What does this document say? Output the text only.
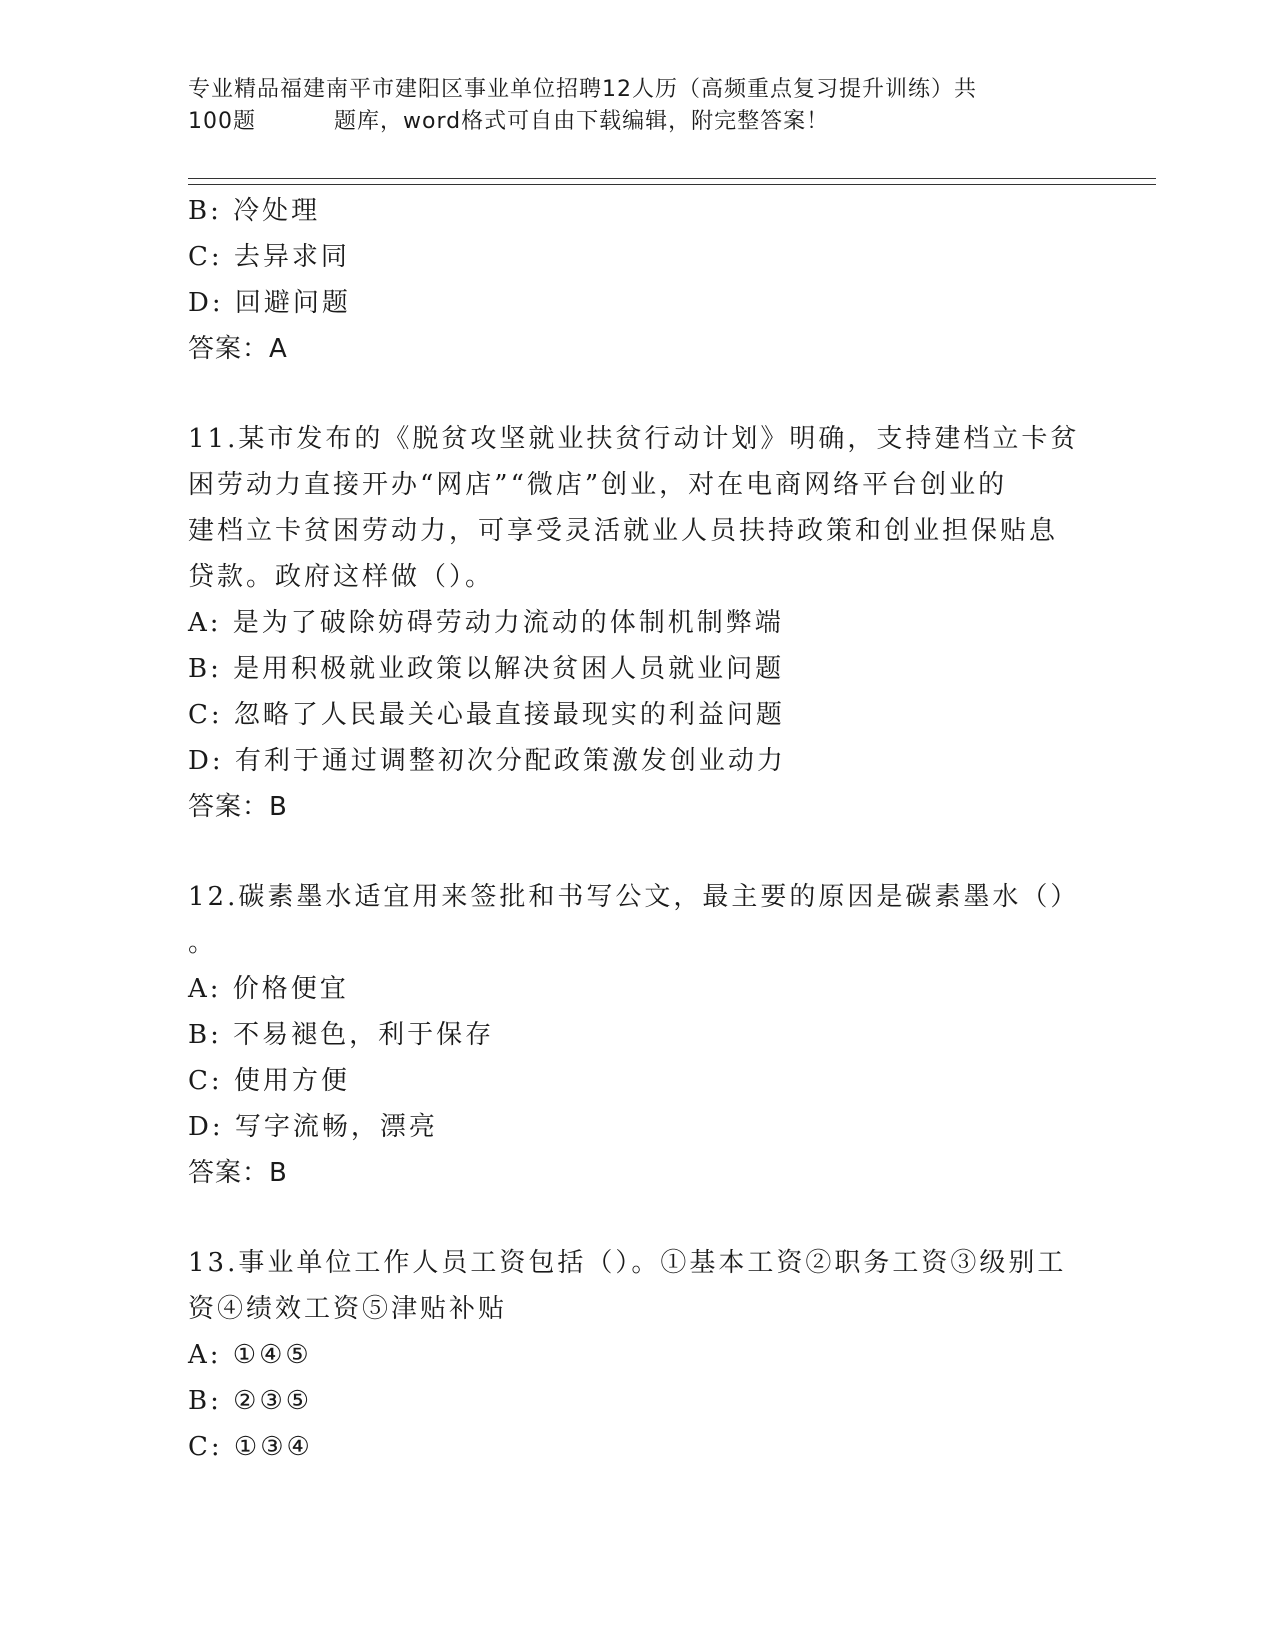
专业精品福建南平市建阳区事业单位招聘12人历（高频重点复习提升训练）共
100题	题库，word格式可自由下载编辑，附完整答案！
B: 冷处理
C: 去异求同
D: 回避问题
答案：A
11.某市发布的《脱贫攻坚就业扶贫行动计划》明确，支持建档立卡贫
困劳动力直接开办“网店”“微店”创业，对在电商网络平台创业的
建档立卡贫困劳动力，可享受灵活就业人员扶持政策和创业担保贴息
贷款。政府这样做（）。
A: 是为了破除妨碍劳动力流动的体制机制弊端
B: 是用积极就业政策以解决贫困人员就业问题
C: 忽略了人民最关心最直接最现实的利益问题
D: 有利于通过调整初次分配政策激发创业动力
答案：B
12.碳素墨水适宜用来签批和书写公文，最主要的原因是碳素墨水（）
。
A: 价格便宜
B: 不易褪色，利于保存
C: 使用方便
D: 写字流畅，漂亮
答案：B
13.事业单位工作人员工资包括（）。①基本工资②职务工资③级别工
资④绩效工资⑤津贴补贴
A: ①④⑤
B: ②③⑤
C: ①③④
